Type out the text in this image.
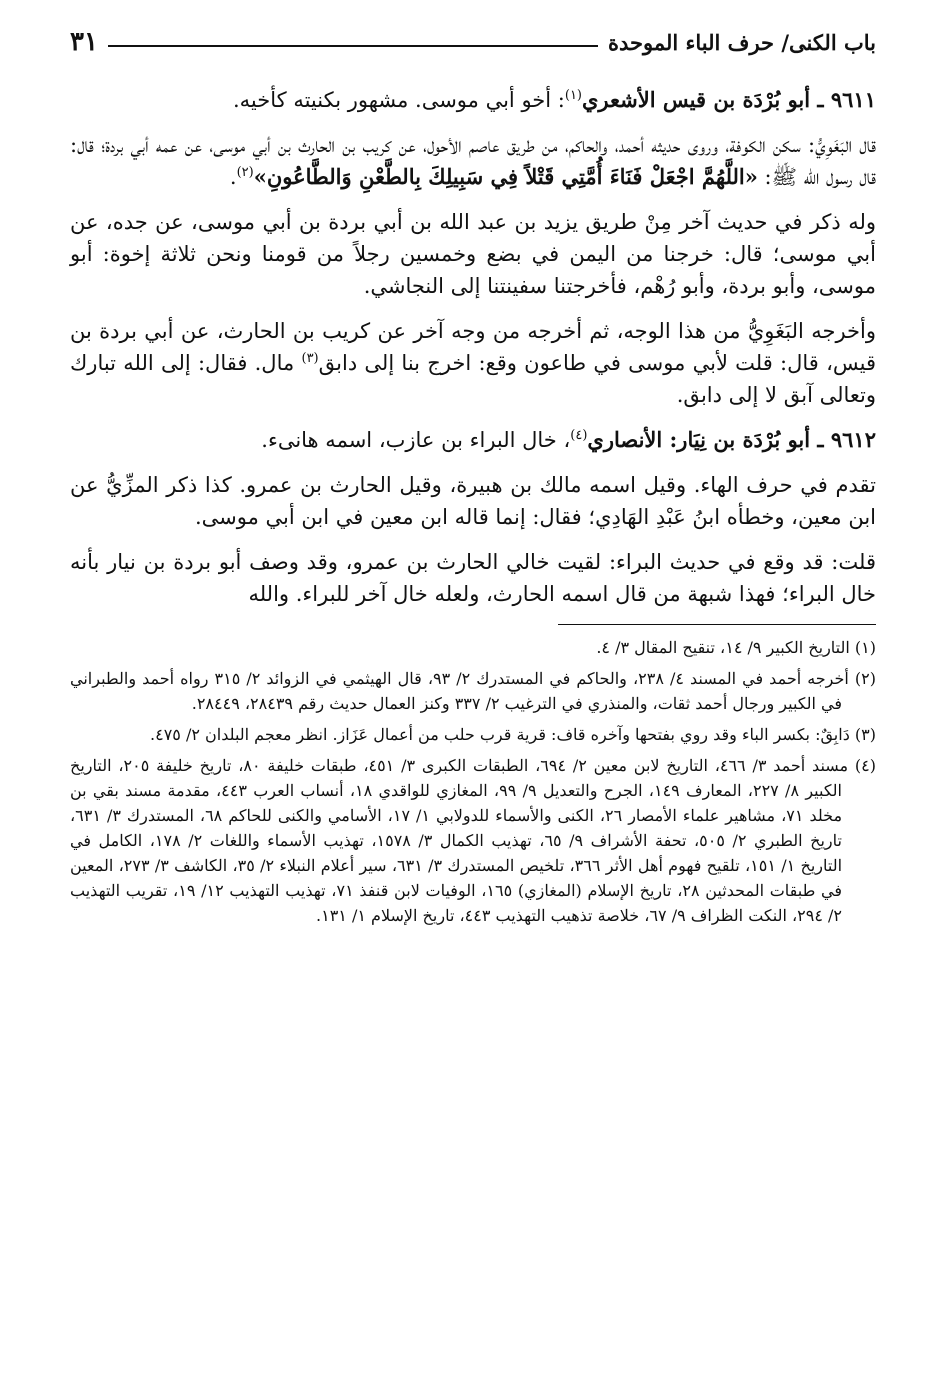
باب الكنى/ حرف الباء الموحدة
٣١

٩٦١١ ـ أبو بُرْدَة بن قيس الأشعري$^{(١)}$: أخو أبي موسى. مشهور بكنيته كأخيه.

قال البَغَوِيُّ: سكن الكوفة، وروى حديثه أحمد، والحاكم، من طريق عاصم الأحول، عن كريب بن الحارث بن أبي موسى، عن عمه أبي بردة؛ قال: قال رسول الله ﷺ: «اللَّهُمَّ اجْعَلْ فَنَاءَ أُمَّتِي قَتْلاً فِي سَبِيلِكَ بِالطَّعْنِ وَالطَّاعُونِ»$^{(٢)}$.

وله ذكر في حديث آخر مِنْ طريق يزيد بن عبد الله بن أبي بردة بن أبي موسى، عن جده، عن أبي موسى؛ قال: خرجنا من اليمن في بضع وخمسين رجلاً من قومنا ونحن ثلاثة إخوة: أبو موسى، وأبو بردة، وأبو رُهْم، فأخرجتنا سفينتنا إلى النجاشي.

وأخرجه البَغَوِيُّ من هذا الوجه، ثم أخرجه من وجه آخر عن كريب بن الحارث، عن أبي بردة بن قيس، قال: قلت لأبي موسى في طاعون وقع: اخرج بنا إلى دابق$^{(٣)}$ مال. فقال: إلى الله تبارك وتعالى آبق لا إلى دابق.

٩٦١٢ ـ أبو بُرْدَة بن نِيَار: الأنصاري$^{(٤)}$، خال البراء بن عازب، اسمه هانىء.

تقدم في حرف الهاء. وقيل اسمه مالك بن هبيرة، وقيل الحارث بن عمرو. كذا ذكر المزِّيُّ عن ابن معين، وخطأه ابنُ عَبْدِ الهَادِي؛ فقال: إنما قاله ابن معين في ابن أبي موسى.

قلت: قد وقع في حديث البراء: لقيت خالي الحارث بن عمرو، وقد وصف أبو بردة بن نيار بأنه خال البراء؛ فهذا شبهة من قال اسمه الحارث، ولعله خال آخر للبراء. والله

(١) التاريخ الكبير ٩/ ١٤، تنقيح المقال ٣/ ٤.

(٢) أخرجه أحمد في المسند ٤/ ٢٣٨، والحاكم في المستدرك ٢/ ٩٣، قال الهيثمي في الزوائد ٢/ ٣١٥ رواه أحمد والطبراني في الكبير ورجال أحمد ثقات، والمنذري في الترغيب ٢/ ٣٣٧ وكنز العمال حديث رقم ٢٨٤٣٩، ٢٨٤٤٩.

(٣) دَابِقٌ: بكسر الباء وقد روي بفتحها وآخره قاف: قرية قرب حلب من أعمال عَزَاز. انظر معجم البلدان ٢/ ٤٧٥.

(٤) مسند أحمد ٣/ ٤٦٦، التاريخ لابن معين ٢/ ٦٩٤، الطبقات الكبرى ٣/ ٤٥١، طبقات خليفة ٨٠، تاريخ خليفة ٢٠٥، التاريخ الكبير ٨/ ٢٢٧، المعارف ١٤٩، الجرح والتعديل ٩/ ٩٩، المغازي للواقدي ١٨، أنساب العرب ٤٤٣، مقدمة مسند بقي بن مخلد ٧١، مشاهير علماء الأمصار ٢٦، الكنى والأسماء للدولابي ١/ ١٧، الأسامي والكنى للحاكم ٦٨، المستدرك ٣/ ٦٣١، تاريخ الطبري ٢/ ٥٠٥، تحفة الأشراف ٩/ ٦٥، تهذيب الكمال ٣/ ١٥٧٨، تهذيب الأسماء واللغات ٢/ ١٧٨، الكامل في التاريخ ١/ ١٥١، تلقيح فهوم أهل الأثر ٣٦٦، تلخيص المستدرك ٣/ ٦٣١، سير أعلام النبلاء ٢/ ٣٥، الكاشف ٣/ ٢٧٣، المعين في طبقات المحدثين ٢٨، تاريخ الإسلام (المغازي) ١٦٥، الوفيات لابن قنفذ ٧١، تهذيب التهذيب ١٢/ ١٩، تقريب التهذيب ٢/ ٢٩٤، النكت الظراف ٩/ ٦٧، خلاصة تذهيب التهذيب ٤٤٣، تاريخ الإسلام ١/ ١٣١.
